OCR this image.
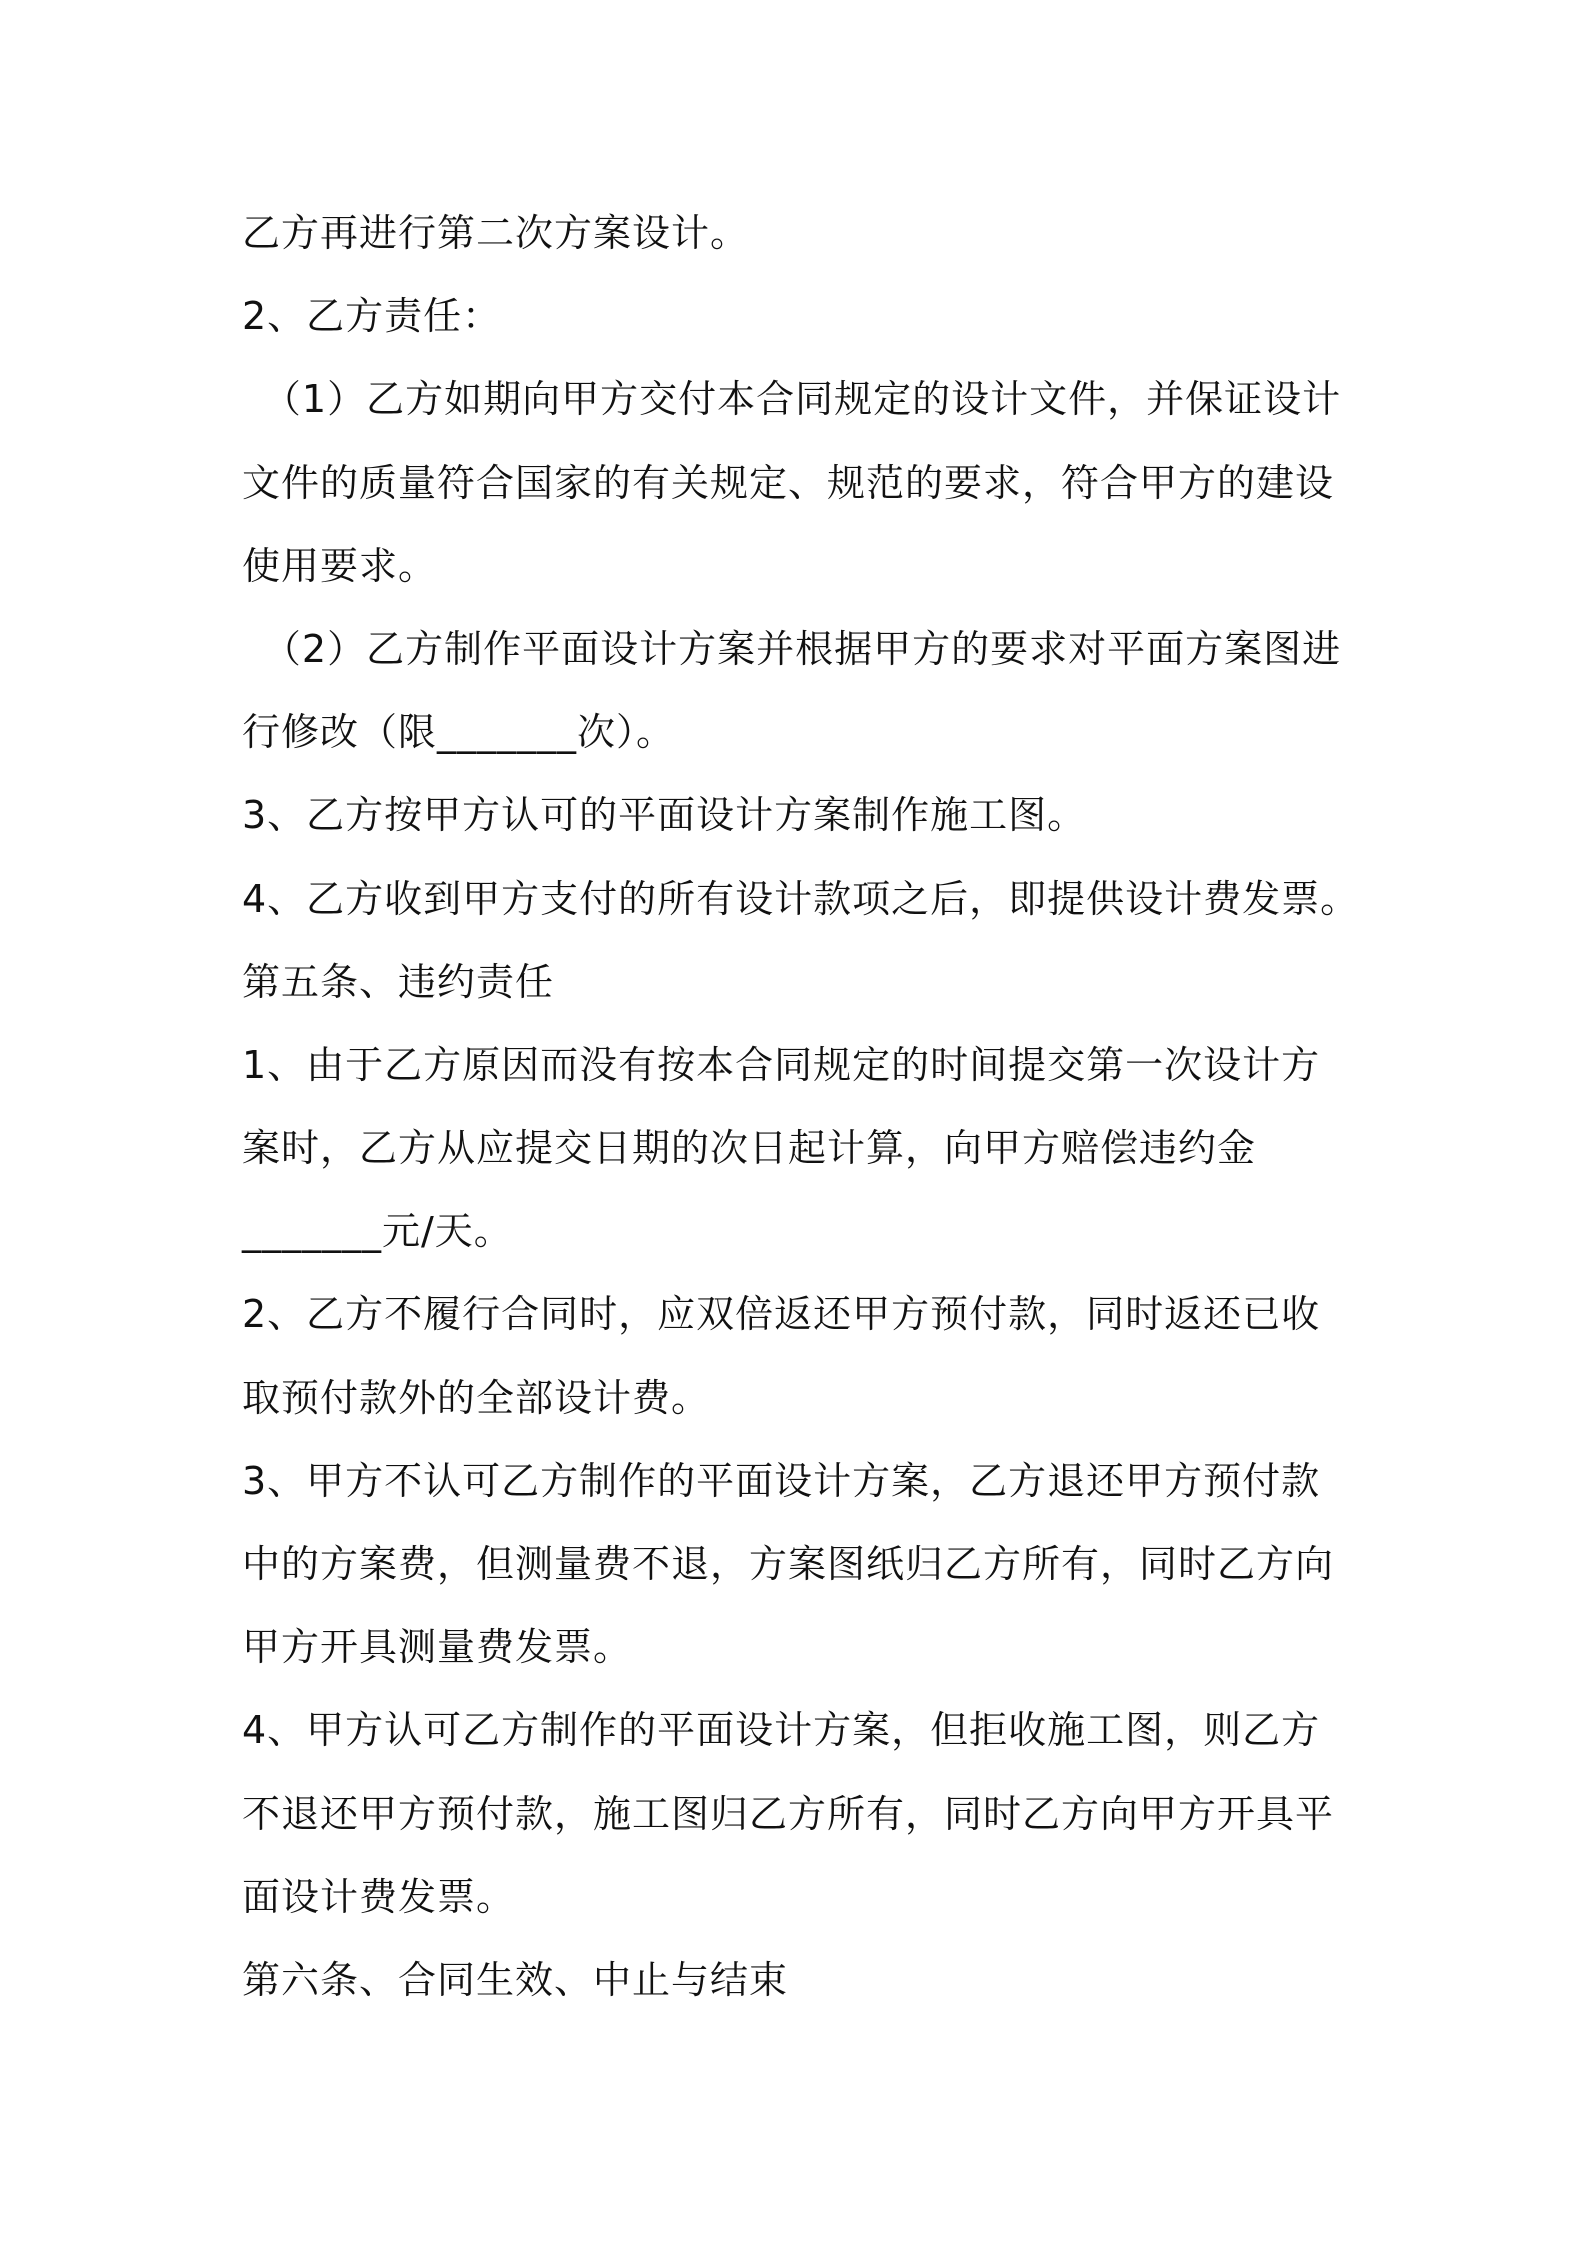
乙方再进行第二次方案设计。
2、乙方责任：
（1）乙方如期向甲方交付本合同规定的设计文件，并保证设计
文件的质量符合国家的有关规定、规范的要求，符合甲方的建设
使用要求。
（2）乙方制作平面设计方案并根据甲方的要求对平面方案图进
行修改（限_______次）。
3、乙方按甲方认可的平面设计方案制作施工图。
4、乙方收到甲方支付的所有设计款项之后，即提供设计费发票。
第五条、违约责任
1、由于乙方原因而没有按本合同规定的时间提交第一次设计方
案时，乙方从应提交日期的次日起计算，向甲方赔偿违约金
_______元/天。
2、乙方不履行合同时，应双倍返还甲方预付款，同时返还已收
取预付款外的全部设计费。
3、甲方不认可乙方制作的平面设计方案，乙方退还甲方预付款
中的方案费，但测量费不退，方案图纸归乙方所有，同时乙方向
甲方开具测量费发票。
4、甲方认可乙方制作的平面设计方案，但拒收施工图，则乙方
不退还甲方预付款，施工图归乙方所有，同时乙方向甲方开具平
面设计费发票。
第六条、合同生效、中止与结束
